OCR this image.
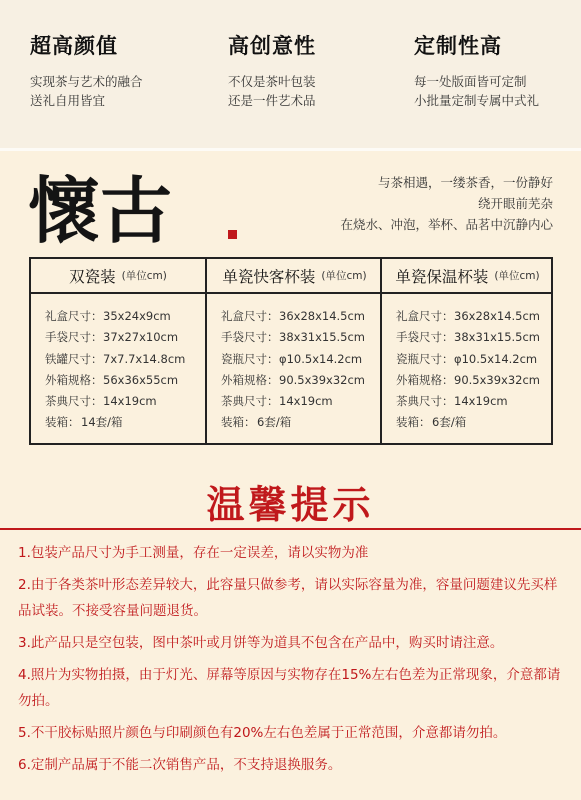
超高颜值
实现茶与艺术的融合
送礼自用皆宜
高创意性
不仅是茶叶包装
还是一件艺术品
定制性高
每一处版面皆可定制
小批量定制专属中式礼
懷古	与茶相遇，一缕茶香，一份静好
绕开眼前芜杂
在烧水、冲泡，举杯、品茗中沉静内心
双瓷装 (单位cm)
礼盒尺寸：35x24x9cm
手袋尺寸：37x27x10cm
铁罐尺寸：7x7.7x14.8cm
外箱规格：56x36x55cm
茶典尺寸：14x19cm
装箱： 14套/箱
单瓷快客杯装 (单位cm)
礼盒尺寸：36x28x14.5cm
手袋尺寸：38x31x15.5cm
瓷瓶尺寸：φ10.5x14.2cm
外箱规格：90.5x39x32cm
茶典尺寸：14x19cm
装箱： 6套/箱
单瓷保温杯装 (单位cm)
礼盒尺寸：36x28x14.5cm
手袋尺寸：38x31x15.5cm
瓷瓶尺寸：φ10.5x14.2cm
外箱规格：90.5x39x32cm
茶典尺寸：14x19cm
装箱： 6套/箱
温馨提示

1.包装产品尺寸为手工测量，存在一定误差，请以实物为准

2.由于各类茶叶形态差异较大，此容量只做参考，请以实际容量为准，容量问题建议先买样品试装。不接受容量问题退货。

3.此产品只是空包装，图中茶叶或月饼等为道具不包含在产品中，购买时请注意。

4.照片为实物拍摄，由于灯光、屏幕等原因与实物存在15%左右色差为正常现象，介意都请勿拍。

5.不干胶标贴照片颜色与印刷颜色有20%左右色差属于正常范围，介意都请勿拍。

6.定制产品属于不能二次销售产品，不支持退换服务。
